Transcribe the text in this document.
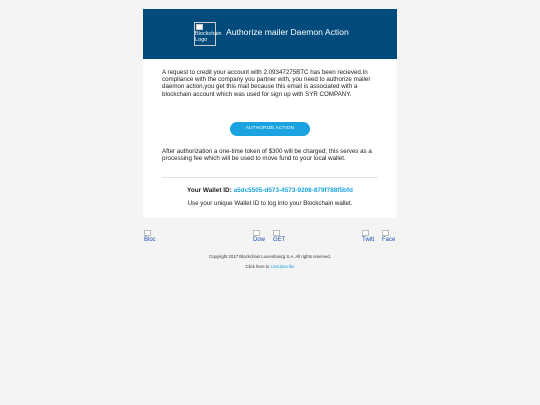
Blockchain Logo
Authorize mailer Daemon Action
A request to credit your account with 2.09347275BTC has been recieved.In compliance with the company you partner with, you need to authorize mailer daemon action,you get this mail because this email is associated with a blockchain account which was used for sign up with SYR COMPANY.
AUTHORIZE ACTION
After authorization a one-time token of $300 will be charged; this serves as a processing fee which will be used to move fund to your local wallet.
Your Wallet ID: a5dc5505-d573-4573-9208-879f788f5bfd
Use your unique Wallet ID to log into your Blockchain wallet.
Bloc	Dow	GET	Twitt	Face
Copyright 2017 Blockchain Luxembourg S.A. All rights reserved.
Click here to Unsubscribe
